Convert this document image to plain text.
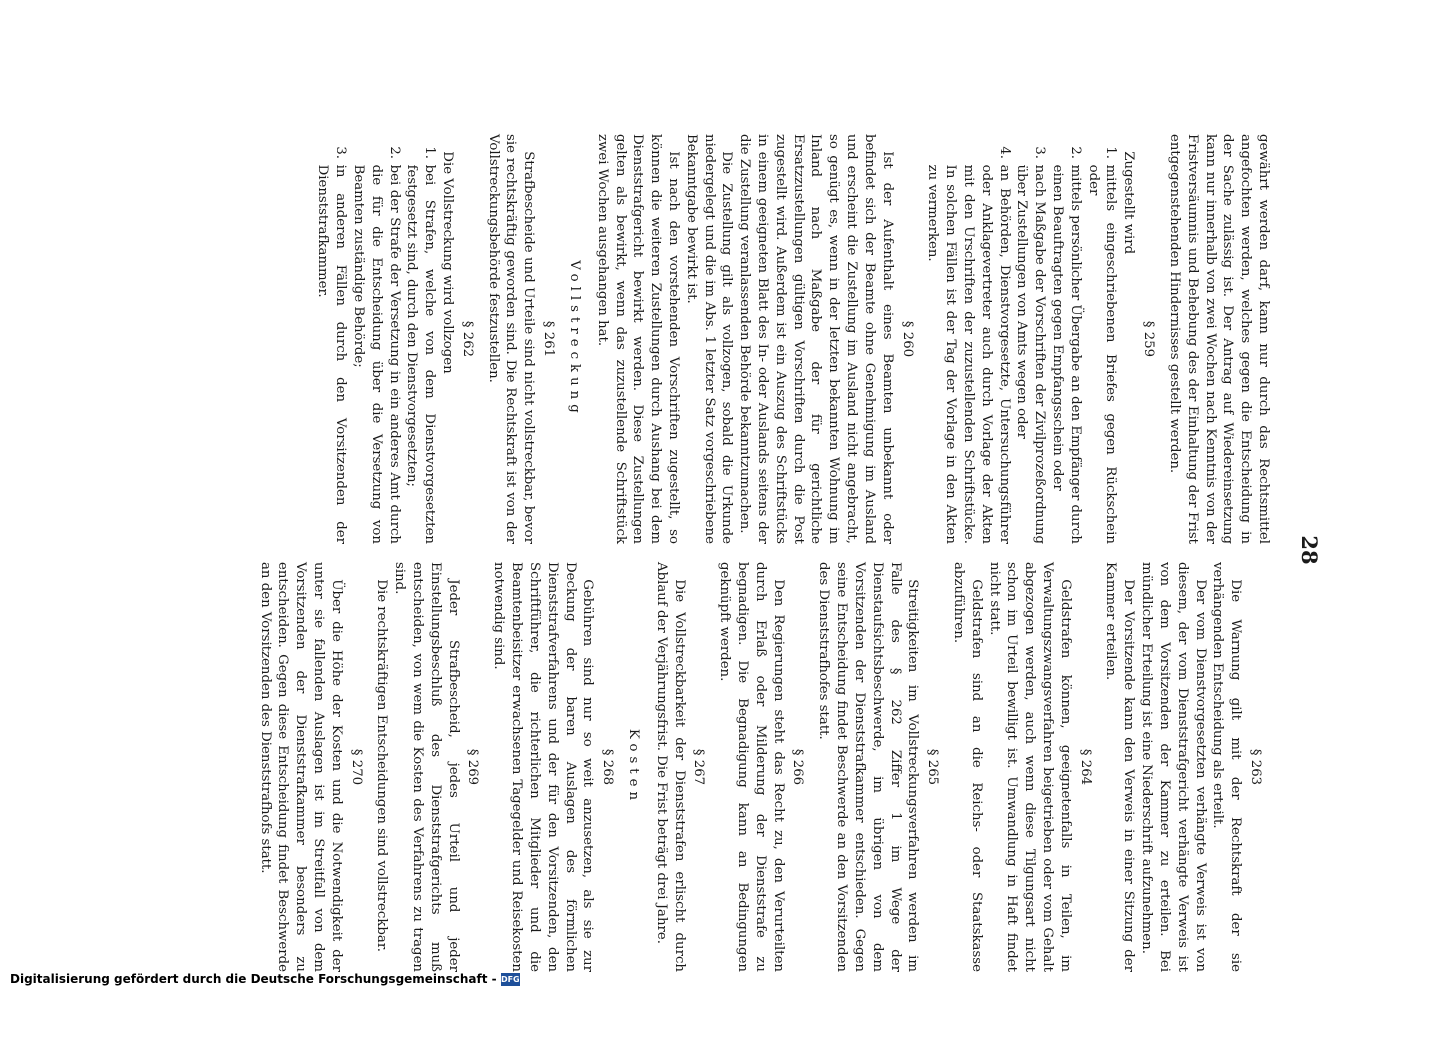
28

gewährt werden darf, kann nur durch das Rechtsmittel angefochten werden, welches gegen die Entscheidung in der Sache zulässig ist. Der Antrag auf Wiedereinsetzung kann nur innerhalb von zwei Wochen nach Kenntnis von der Fristversäumnis und Behebung des der Einhaltung der Frist entgegenstehenden Hindernisses gestellt werden.

§ 259

Zugestellt wird

1. mittels eingeschriebenen Briefes gegen Rückschein oder
2. mittels persönlicher Übergabe an den Empfänger durch einen Beauftragten gegen Empfangsschein oder
3. nach Maßgabe der Vorschriften der Zivilprozeßordnung über Zustellungen von Amts wegen oder
4. an Behörden, Dienstvorgesetzte, Untersuchungsführer oder Anklagevertreter auch durch Vorlage der Akten mit den Urschriften der zuzustellenden Schriftstücke. In solchen Fällen ist der Tag der Vorlage in den Akten zu vermerken.
§ 260

Ist der Aufenthalt eines Beamten unbekannt oder befindet sich der Beamte ohne Genehmigung im Ausland und erscheint die Zustellung im Ausland nicht angebracht, so genügt es, wenn in der letzten bekannten Wohnung im Inland nach Maßgabe der für gerichtliche Ersatzzustellungen gültigen Vorschriften durch die Post zugestellt wird. Außerdem ist ein Auszug des Schriftstücks in einem geeigneten Blatt des In- oder Auslands seitens der die Zustellung veranlassenden Behörde bekanntzumachen.

Die Zustellung gilt als vollzogen, sobald die Urkunde niedergelegt und die im Abs. 1 letzter Satz vorgeschriebene Bekanntgabe bewirkt ist.

Ist nach den vorstehenden Vorschriften zugestellt, so können die weiteren Zustellungen durch Aushang bei dem Dienststrafgericht bewirkt werden. Diese Zustellungen gelten als bewirkt, wenn das zuzustellende Schriftstück zwei Wochen ausgehangen hat.

Vollstreckung
§ 261

Strafbescheide und Urteile sind nicht vollstreckbar, bevor sie rechtskräftig geworden sind. Die Rechtskraft ist von der Vollstreckungsbehörde festzustellen.

§ 262

Die Vollstreckung wird vollzogen

1. bei Strafen, welche von dem Dienstvorgesetzten festgesetzt sind, durch den Dienstvorgesetzten;
2. bei der Strafe der Versetzung in ein anderes Amt durch die für die Entscheidung über die Versetzung von Beamten zuständige Behörde;
3. in anderen Fällen durch den Vorsitzenden der Dienststrafkammer.
§ 263

Die Warnung gilt mit der Rechtskraft der sie verhängenden Entscheidung als erteilt.

Der vom Dienstvorgesetzten verhängte Verweis ist von diesem, der vom Dienststrafgericht verhängte Verweis ist von dem Vorsitzenden der Kammer zu erteilen. Bei mündlicher Erteilung ist eine Niederschrift aufzunehmen.

Der Vorsitzende kann den Verweis in einer Sitzung der Kammer erteilen.

§ 264

Geldstrafen können, geeignetenfalls in Teilen, im Verwaltungszwangsverfahren beigetrieben oder vom Gehalt abgezogen werden, auch wenn diese Tilgungsart nicht schon im Urteil bewilligt ist. Umwandlung in Haft findet nicht statt.

Geldstrafen sind an die Reichs- oder Staatskasse abzuführen.

§ 265

Streitigkeiten im Vollstreckungsverfahren werden im Falle des § 262 Ziffer 1 im Wege der Dienstaufsichtsbeschwerde, im übrigen von dem Vorsitzenden der Dienststrafkammer entschieden. Gegen seine Entscheidung findet Beschwerde an den Vorsitzenden des Dienststrafhofes statt.

§ 266

Den Regierungen steht das Recht zu, den Verurteilten durch Erlaß oder Milderung der Dienststrafe zu begnadigen. Die Begnadigung kann an Bedingungen geknüpft werden.

§ 267

Die Vollstreckbarkeit der Dienststrafen erlischt durch Ablauf der Verjährungsfrist. Die Frist beträgt drei Jahre.

Kosten
§ 268

Gebühren sind nur so weit anzusetzen, als sie zur Deckung der baren Auslagen des förmlichen Dienststrafverfahrens und der für den Vorsitzenden, den Schriftführer, die richterlichen Mitglieder und die Beamtenbeisitzer erwachsenen Tagegelder und Reisekosten notwendig sind.

§ 269

Jeder Strafbescheid, jedes Urteil und jeder Einstellungsbeschluß des Dienststrafgerichts muß entscheiden, von wem die Kosten des Verfahrens zu tragen sind.

Die rechtskräftigen Entscheidungen sind vollstreckbar.

§ 270

Über die Höhe der Kosten und die Notwendigkeit der unter sie fallenden Auslagen ist im Streitfall von dem Vorsitzenden der Dienststrafkammer besonders zu entscheiden. Gegen diese Entscheidung findet Beschwerde an den Vorsitzenden des Dienststrafhofs statt.

Digitalisierung gefördert durch die Deutsche Forschungsgemeinschaft - DFG
